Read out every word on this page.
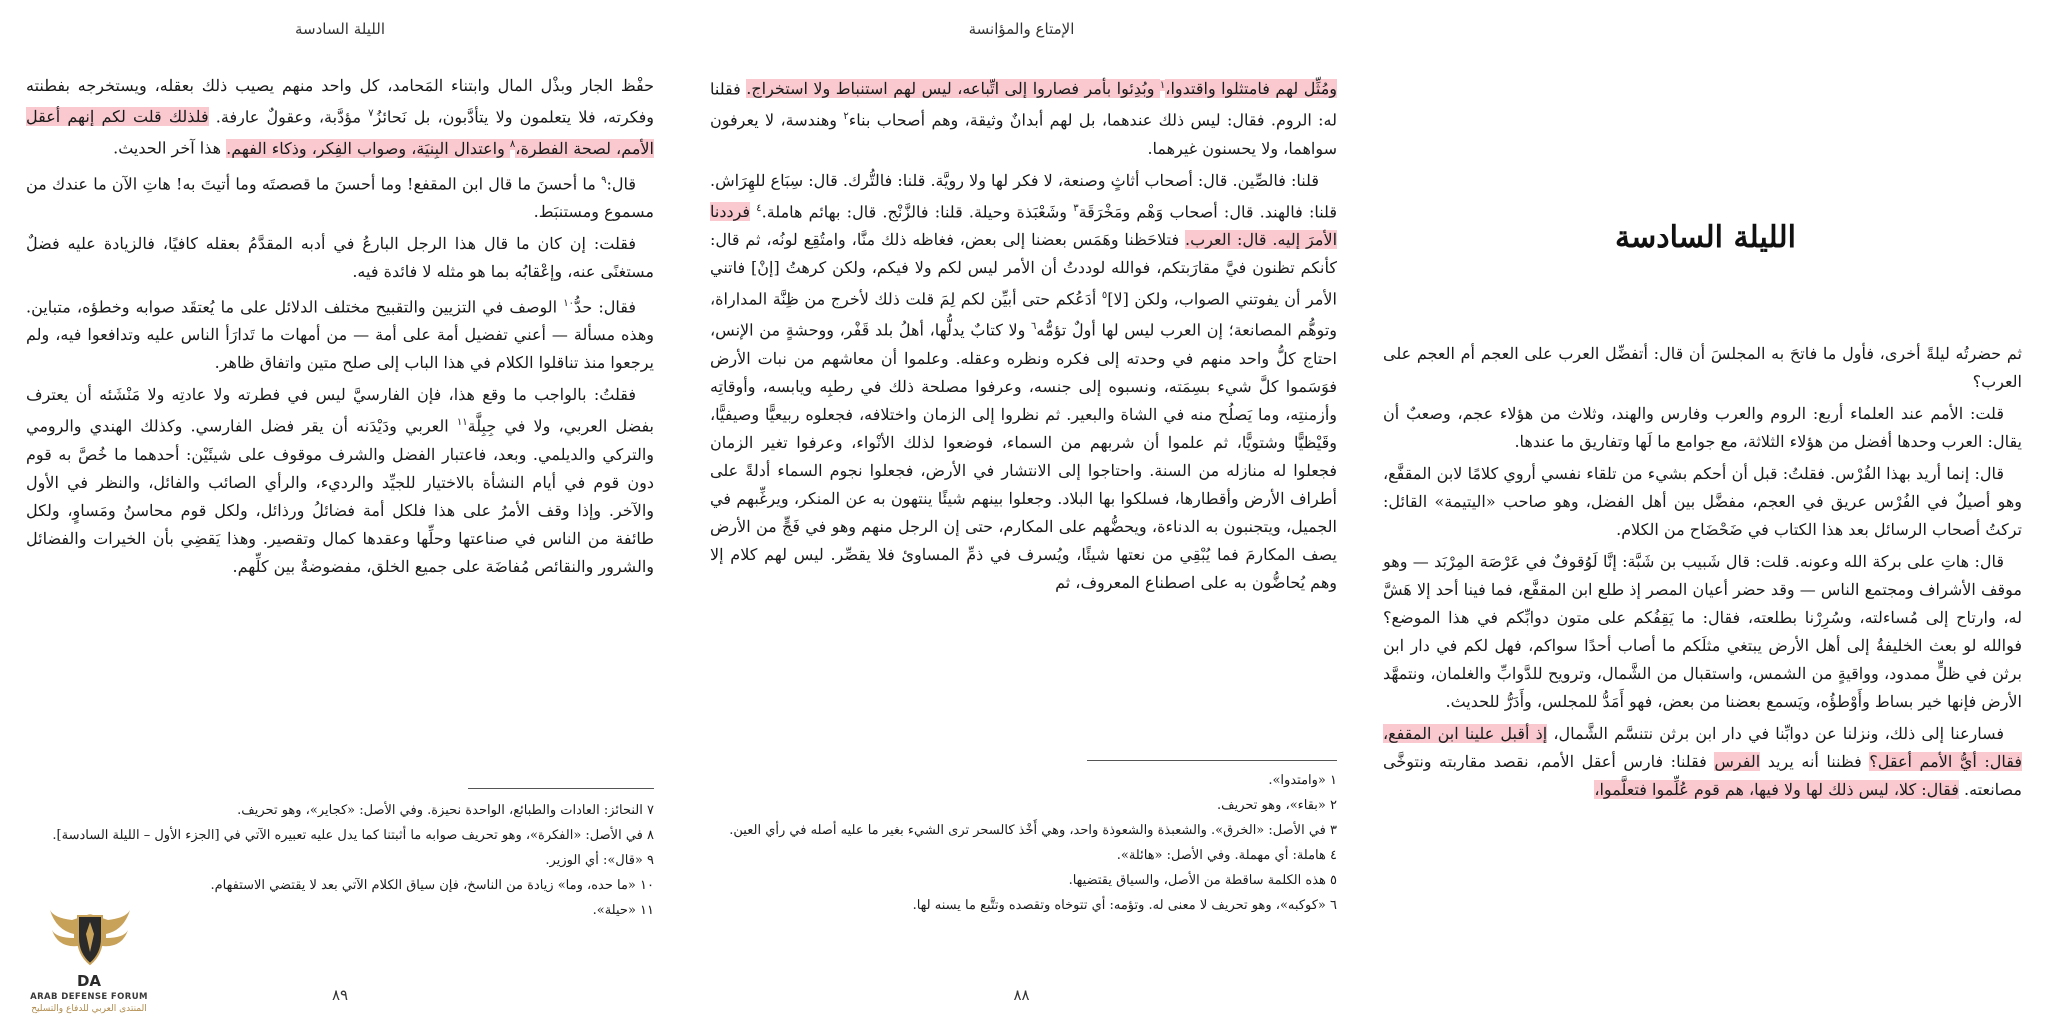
الليلة السادسة

حفْظ الجار وبذْل المال وابتناء المَحامد، كل واحد منهم يصيب ذلك بعقله، ويستخرجه بفطنته وفكرته، فلا يتعلمون ولا يتأدَّبون، بل نَحائزُ$^٧$ مؤدَّبة، وعقولٌ عارفة. فلذلك قلت لكم إنهم أعقل الأمم، لصحة الفطرة،$^٨$ واعتدال البِنيَة، وصواب الفِكر، وذكاء الفهم. هذا آخر الحديث.

قال:$^٩$ ما أحسنَ ما قال ابن المقفع! وما أحسنَ ما قصصتَه وما أتيتَ به! هاتِ الآن ما عندك من مسموع ومستنبَط.

فقلت: إن كان ما قال هذا الرجل البارعُ في أدبه المقدَّمُ بعقله كافيًا، فالزيادة عليه فضلٌ مستغنًى عنه، وإعْقابُه بما هو مثله لا فائدة فيه.

فقال: حدُّ$^{١٠}$ الوصف في التزيين والتقبيح مختلف الدلائل على ما يُعتقَد صوابه وخطؤه، متباين. وهذه مسألة — أعني تفضيل أمة على أمة — من أمهات ما تَدارَأ الناس عليه وتدافعوا فيه، ولم يرجعوا منذ تناقلوا الكلام في هذا الباب إلى صلح متين واتفاق ظاهر.

فقلتُ: بالواجب ما وقع هذا، فإن الفارسيَّ ليس في فطرته ولا عادتِه ولا مَنْشَئه أن يعترف بفضل العربي، ولا في جِبِلَّة$^{١١}$ العربي ودَيْدَنه أن يقر فضل الفارسي. وكذلك الهندي والرومي والتركي والديلمي. وبعد، فاعتبار الفضل والشرف موقوف على شيئَيْن: أحدهما ما خُصَّ به قوم دون قوم في أيام النشأة بالاختيار للجيِّد والرديء، والرأي الصائب والفائل، والنظر في الأول والآخر. وإذا وقف الأمرُ على هذا فلكل أمة فضائلُ ورذائل، ولكل قوم محاسنُ ومَساوٍ، ولكل طائفة من الناس في صناعتها وحلِّها وعقدها كمال وتقصير. وهذا يَقضِي بأن الخيرات والفضائل والشرور والنقائص مُفاضَة على جميع الخلق، مفضوضةٌ بين كلِّهم.

٧ النحائز: العادات والطبائع، الواحدة نحيزة. وفي الأصل: «كجاير»، وهو تحريف.
٨ في الأصل: «الفكرة»، وهو تحريف صوابه ما أثبتنا كما يدل عليه تعبيره الآتي في [الجزء الأول – الليلة السادسة].
٩ «قال»: أي الوزير.
١٠ «ما حده، وما» زيادة من الناسخ، فإن سياق الكلام الآتي بعد لا يقتضي الاستفهام.
١١ «حيلة».
٨٩
الإمتاع والمؤانسة

ومُثِّل لهم فامتثلوا واقتدوا،$^١$ وبُدِئوا بأمر فصاروا إلى اتِّباعه، ليس لهم استنباط ولا استخراج. فقلنا له: الروم. فقال: ليس ذلك عندهما، بل لهم أبدانٌ وثيقة، وهم أصحاب بناء$^٢$ وهندسة، لا يعرفون سواهما، ولا يحسنون غيرهما.

قلنا: فالصِّين. قال: أصحاب أثاثٍ وصنعة، لا فكر لها ولا رويَّة. قلنا: فالتُّرك. قال: سِبَاع للهِرَاش. قلنا: فالهند. قال: أصحاب وَهْم ومَخْرَقَة$^٣$ وشَعْبَذة وحيلة. قلنا: فالزَّنْج. قال: بهائم هاملة.$^٤$ فرددنا الأمرَ إليه. قال: العرب. فتلاحَظنا وهَمَس بعضنا إلى بعض، فغاظه ذلك منَّا، وامتُقِع لونُه، ثم قال: كأنكم تظنون فيَّ مقارَبتكم، فوالله لوددتُ أن الأمر ليس لكم ولا فيكم، ولكن كرهتُ [إنْ] فاتني الأمر أن يفوتني الصواب، ولكن [لا]$^٥$ أدَعُكم حتى أبيِّن لكم لِمَ قلت ذلك لأخرج من ظِنَّة المداراة، وتوهُّم المصانعة؛ إن العرب ليس لها أولٌ تؤمُّه$^٦$ ولا كتابٌ يدلُّها، أهلُ بلد قَفْر، ووحشةٍ من الإنس، احتاج كلُّ واحد منهم في وحدته إلى فكره ونظره وعقله. وعلموا أن معاشهم من نبات الأرض فوَسَموا كلَّ شيء بسِمَته، ونسبوه إلى جنسه، وعرفوا مصلحة ذلك في رطبِه ويابسه، وأوقاتِه وأزمنتِه، وما يَصلُح منه في الشاة والبعير. ثم نظروا إلى الزمان واختلافه، فجعلوه ربيعيًّا وصيفيًّا، وقَيْظيًّا وشتويًّا، ثم علموا أن شربهم من السماء، فوضعوا لذلك الأنْواء، وعرفوا تغير الزمان فجعلوا له منازله من السنة. واحتاجوا إلى الانتشار في الأرض، فجعلوا نجوم السماء أدلةً على أطراف الأرض وأقطارها، فسلكوا بها البلاد. وجعلوا بينهم شيئًا ينتهون به عن المنكر، ويرغِّبهم في الجميل، ويتجنبون به الدناءة، ويحضُّهم على المكارم، حتى إن الرجل منهم وهو في فَجٍّ من الأرض يصف المكارمَ فما يُبْقِي من نعتها شيئًا، ويُسرف في ذمِّ المساوئ فلا يقصِّر. ليس لهم كلام إلا وهم يُحاضُّون به على اصطناع المعروف، ثم

١ «وامتدوا».
٢ «بقاء»، وهو تحريف.
٣ في الأصل: «الخرق». والشعبذة والشعوذة واحد، وهي أَخْذ كالسحر ترى الشيء بغير ما عليه أصله في رأي العين.
٤ هاملة: أي مهملة. وفي الأصل: «هائلة».
٥ هذه الكلمة ساقطة من الأصل، والسياق يقتضيها.
٦ «كوكبه»، وهو تحريف لا معنى له. وتؤمه: أي تتوخاه وتقصده وتتَّبع ما يسنه لها.
٨٨
الليلة السادسة

ثم حضرتُه ليلةً أخرى، فأول ما فاتحَ به المجلسَ أن قال: أتفضِّل العرب على العجم أم العجم على العرب؟

قلت: الأمم عند العلماء أربع: الروم والعرب وفارس والهند، وثلاث من هؤلاء عجم، وصعبٌ أن يقال: العرب وحدها أفضل من هؤلاء الثلاثة، مع جوامع ما لَها وتفاريق ما عندها.

قال: إنما أريد بهذا الفُرْس. فقلتُ: قبل أن أحكم بشيء من تلقاء نفسي أروي كلامًا لابن المقفَّع، وهو أصيلٌ في الفُرْس عريق في العجم، مفضَّل بين أهل الفضل، وهو صاحب «اليتيمة» القائل: تركتُ أصحاب الرسائل بعد هذا الكتاب في ضَحْضَاح من الكلام.

قال: هاتِ على بركة الله وعونه. قلت: قال شَبيب بن شَبَّة: إنَّا لَوُقوفٌ في عَرْصَة المِرْبَد — وهو موقف الأشراف ومجتمع الناس — وقد حضر أعيان المصر إذ طلع ابن المقفَّع، فما فينا أحد إلا هَشَّ له، وارتاح إلى مُساءلته، وسُرِرْنا بطلعته، فقال: ما يَقِفُكم على متون دوابِّكم في هذا الموضع؟ فوالله لو بعث الخليفةُ إلى أهل الأرض يبتغي مثلَكم ما أصاب أحدًا سواكم، فهل لكم في دار ابن برثن في ظلٍّ ممدود، وواقيةٍ من الشمس، واستقبال من الشَّمال، وترويح للدَّوابِّ والغلمان، ونتمهَّد الأرض فإنها خير بساط وأَوْطؤُه، ويَسمع بعضنا من بعض، فهو أَمَدُّ للمجلس، وأَدَرُّ للحديث.

فسارعنا إلى ذلك، ونزلنا عن دوابِّنا في دار ابن برثن نتنسَّم الشَّمال، إذ أقبل علينا ابن المقفع، فقال: أيُّ الأمم أعقل؟ فظننا أنه يريد الفرس فقلنا: فارس أعقل الأمم، نقصد مقاربته ونتوخَّى مصانعته. فقال: كلا، ليس ذلك لها ولا فيها، هم قوم عُلِّموا فتعلَّموا،

DA
ARAB DEFENSE FORUM
المنتدى العربي للدفاع والتسليح
